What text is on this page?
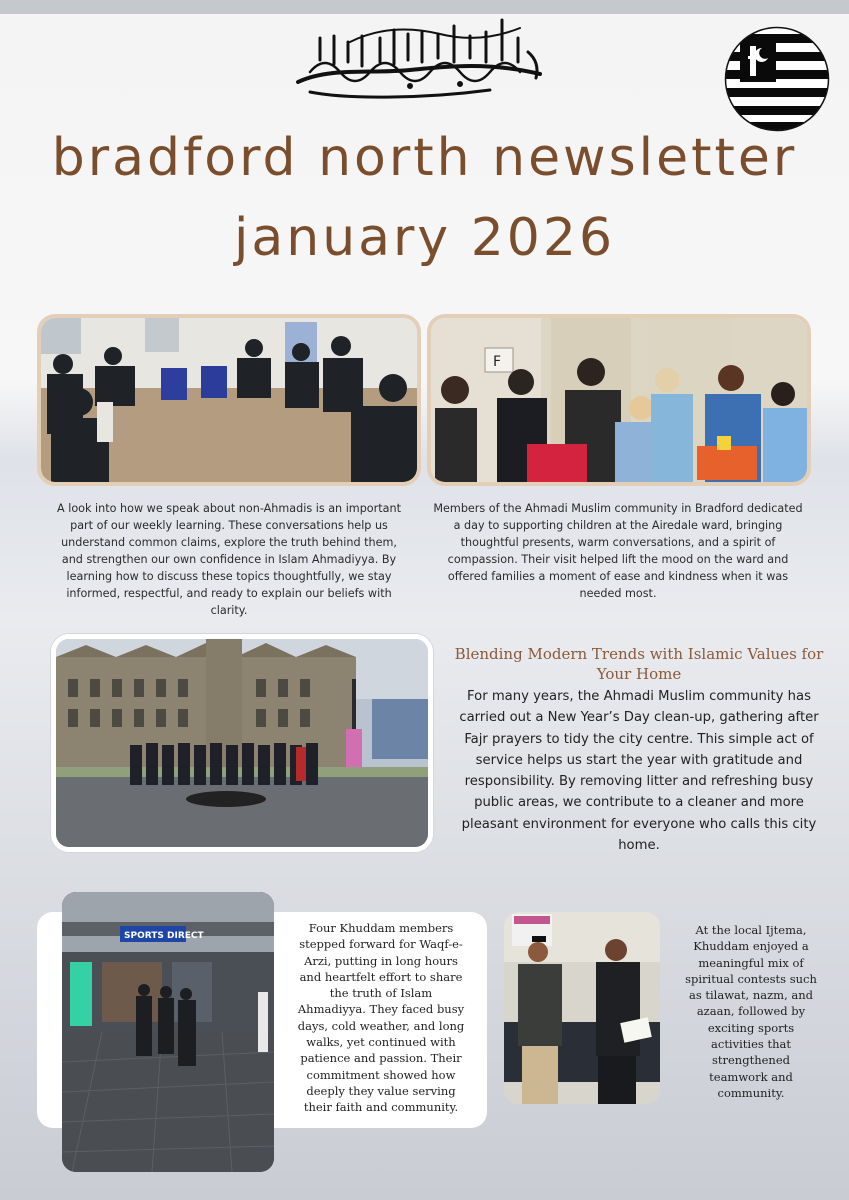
bradford north newsletter
january 2026
F
A look into how we speak about non-Ahmadis is an important part of our weekly learning. These conversations help us understand common claims, explore the truth behind them, and strengthen our own confidence in Islam Ahmadiyya. By learning how to discuss these topics thoughtfully, we stay informed, respectful, and ready to explain our beliefs with clarity.
Members of the Ahmadi Muslim community in Bradford dedicated a day to supporting children at the Airedale ward, bringing thoughtful presents, warm conversations, and a spirit of compassion. Their visit helped lift the mood on the ward and offered families a moment of ease and kindness when it was needed most.
Blending Modern Trends with Islamic Values for Your Home
For many years, the Ahmadi Muslim community has carried out a New Year’s Day clean-up, gathering after Fajr prayers to tidy the city centre. This simple act of service helps us start the year with gratitude and responsibility. By removing litter and refreshing busy public areas, we contribute to a cleaner and more pleasant environment for everyone who calls this city home.
SPORTS DIRECT
Four Khuddam members stepped forward for Waqf-e-Arzi, putting in long hours and heartfelt effort to share the truth of Islam Ahmadiyya. They faced busy days, cold weather, and long walks, yet continued with patience and passion. Their commitment showed how deeply they value serving their faith and community.
At the local Ijtema, Khuddam enjoyed a meaningful mix of spiritual contests such as tilawat, nazm, and azaan, followed by exciting sports activities that strengthened teamwork and community.
